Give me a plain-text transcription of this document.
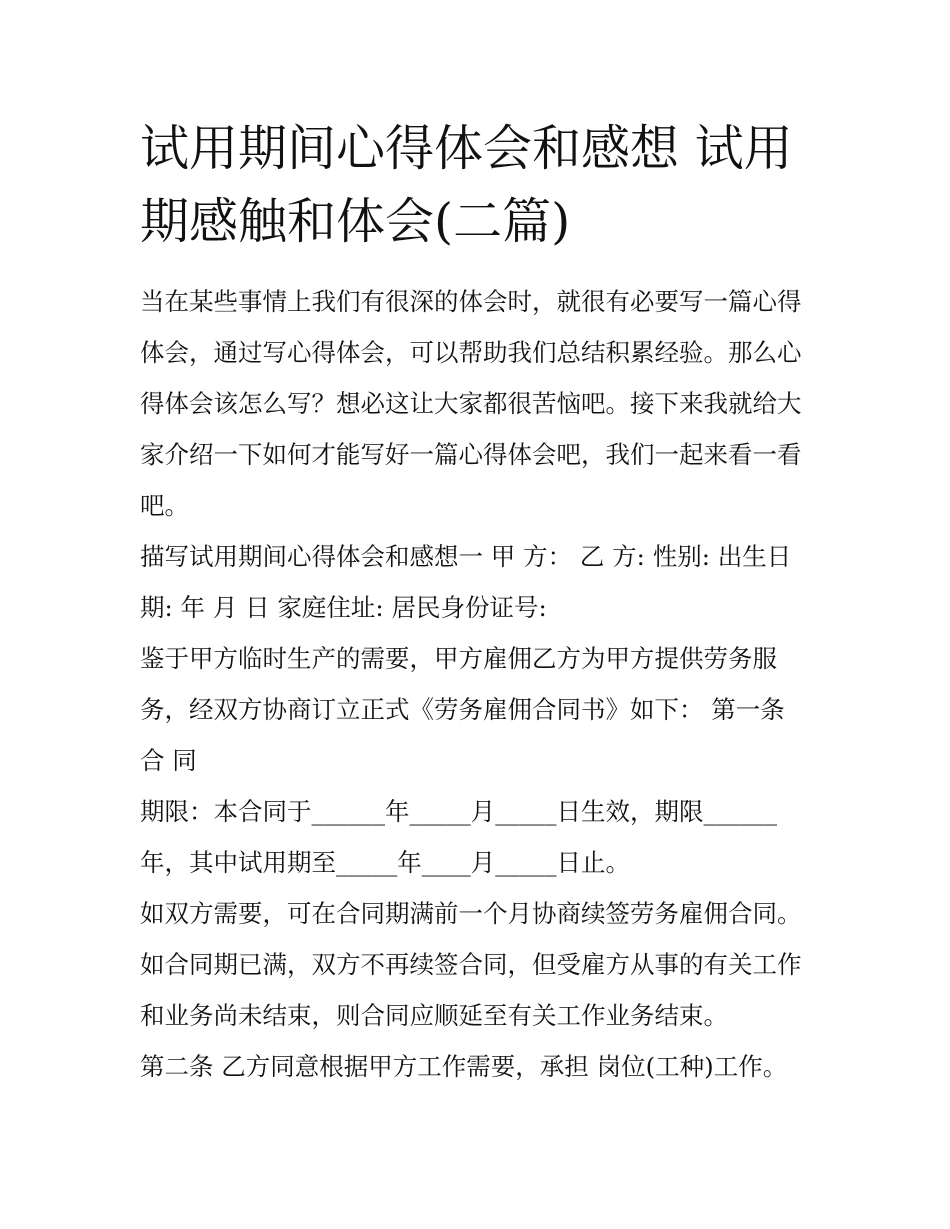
试用期间心得体会和感想 试用
期感触和体会(二篇)
当在某些事情上我们有很深的体会时，就很有必要写一篇心得
体会，通过写心得体会，可以帮助我们总结积累经验。那么心
得体会该怎么写？想必这让大家都很苦恼吧。接下来我就给大
家介绍一下如何才能写好一篇心得体会吧，我们一起来看一看
吧。
描写试用期间心得体会和感想一 甲 方： 乙 方: 性别: 出生日
期: 年 月 日 家庭住址: 居民身份证号:
鉴于甲方临时生产的需要，甲方雇佣乙方为甲方提供劳务服
务，经双方协商订立正式《劳务雇佣合同书》如下： 第一条
合 同
期限：本合同于______年_____月_____日生效，期限______
年，其中试用期至_____年____月_____日止。
如双方需要，可在合同期满前一个月协商续签劳务雇佣合同。
如合同期已满，双方不再续签合同，但受雇方从事的有关工作
和业务尚未结束，则合同应顺延至有关工作业务结束。
第二条 乙方同意根据甲方工作需要，承担 岗位(工种)工作。
